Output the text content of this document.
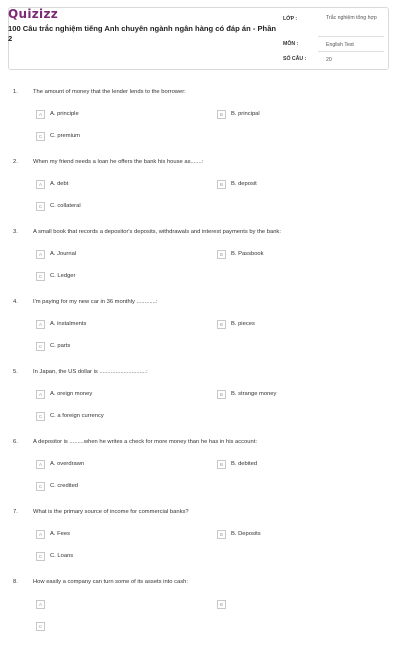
Quizizz
100 Câu trắc nghiệm tiếng Anh chuyên ngành ngân hàng có đáp án - Phần 2
LỚP :	Trắc nghiệm tổng hợp
MÔN :	English Test
SỐ CÂU :	20
1.	The amount of money that the lender lends to the borrower:
A	A. principle	B	B. principal
C	C. premium
2.	When my friend needs a loan he offers the bank his house as.......:
A	A. debt	B	B. deposit
C	C. collateral
3.	A small book that records a depositor's deposits, withdrawals and interest payments by the bank:
A	A. Journal	B	B. Passbook
C	C. Ledger
4.	I'm paying for my new car in 36 monthly ............:
A	A. instalments	B	B. pieces
C	C. parts
5.	In Japan, the US dollar is .............................:
A	A. oreign money	B	B. strange money
C	C. a foreign currency
6.	A depositor is .........when he writes a check for more money than he has in his account:
A	A. overdrawn	B	B. debited
C	C. credited
7.	What is the primary source of income for commercial banks?
A	A. Fees	B	B. Deposits
C	C. Loans
8.	How easily a company can turn some of its assets into cash:
A	B
C
